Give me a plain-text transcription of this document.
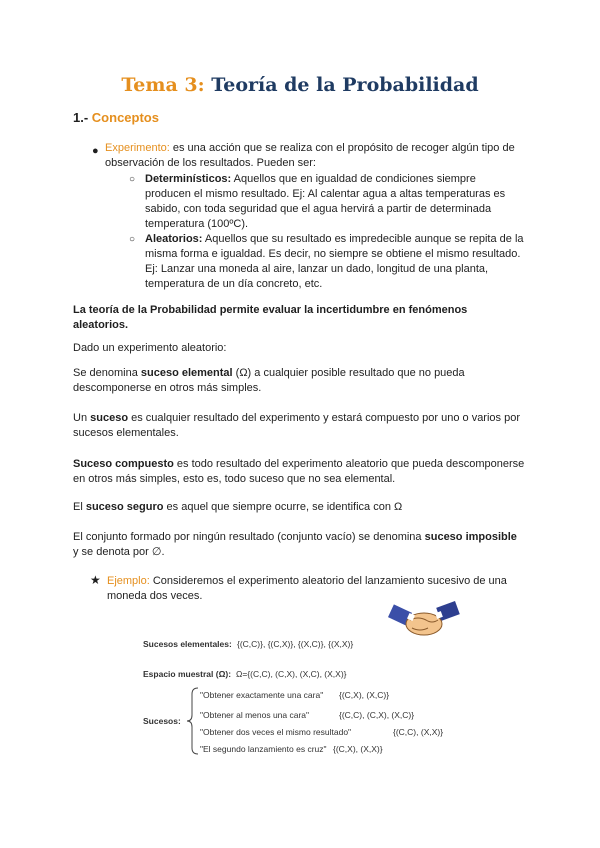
Tema 3: Teoría de la Probabilidad
1.- Conceptos
● Experimento: es una acción que se realiza con el propósito de recoger algún tipo de

observación de los resultados. Pueden ser:

○ Determinísticos: Aquellos que en igualdad de condiciones siempre

producen el mismo resultado. Ej: Al calentar agua a altas temperaturas es

sabido, con toda seguridad que el agua hervirá a partir de determinada

temperatura (100ºC).

○ Aleatorios: Aquellos que su resultado es impredecible aunque se repita de la

misma forma e igualdad. Es decir, no siempre se obtiene el mismo resultado.

Ej: Lanzar una moneda al aire, lanzar un dado, longitud de una planta,

temperatura de un día concreto, etc.

La teoría de la Probabilidad permite evaluar la incertidumbre en fenómenos

aleatorios.

Dado un experimento aleatorio:

Se denomina suceso elemental (Ω) a cualquier posible resultado que no pueda

descomponerse en otros más simples.

Un suceso es cualquier resultado del experimento y estará compuesto por uno o varios por

sucesos elementales.

Suceso compuesto es todo resultado del experimento aleatorio que pueda descomponerse

en otros más simples, esto es, todo suceso que no sea elemental.

El suceso seguro es aquel que siempre ocurre, se identifica con Ω

El conjunto formado por ningún resultado (conjunto vacío) se denomina suceso imposible

y se denota por ∅.

★ Ejemplo: Consideremos el experimento aleatorio del lanzamiento sucesivo de una

moneda dos veces.

Sucesos elementales: {(C,C)}, {(C,X)}, {(X,C)}, {(X,X)}
Espacio muestral (Ω): Ω={(C,C), (C,X), (X,C), (X,X)}
Sucesos:
"Obtener exactamente una cara" {(C,X), (X,C)}
"Obtener al menos una cara"	{(C,C), (C,X), (X,C)}
"Obtener dos veces el mismo resultado"	{(C,C), (X,X)}
"El segundo lanzamiento es cruz" {(C,X), (X,X)}
